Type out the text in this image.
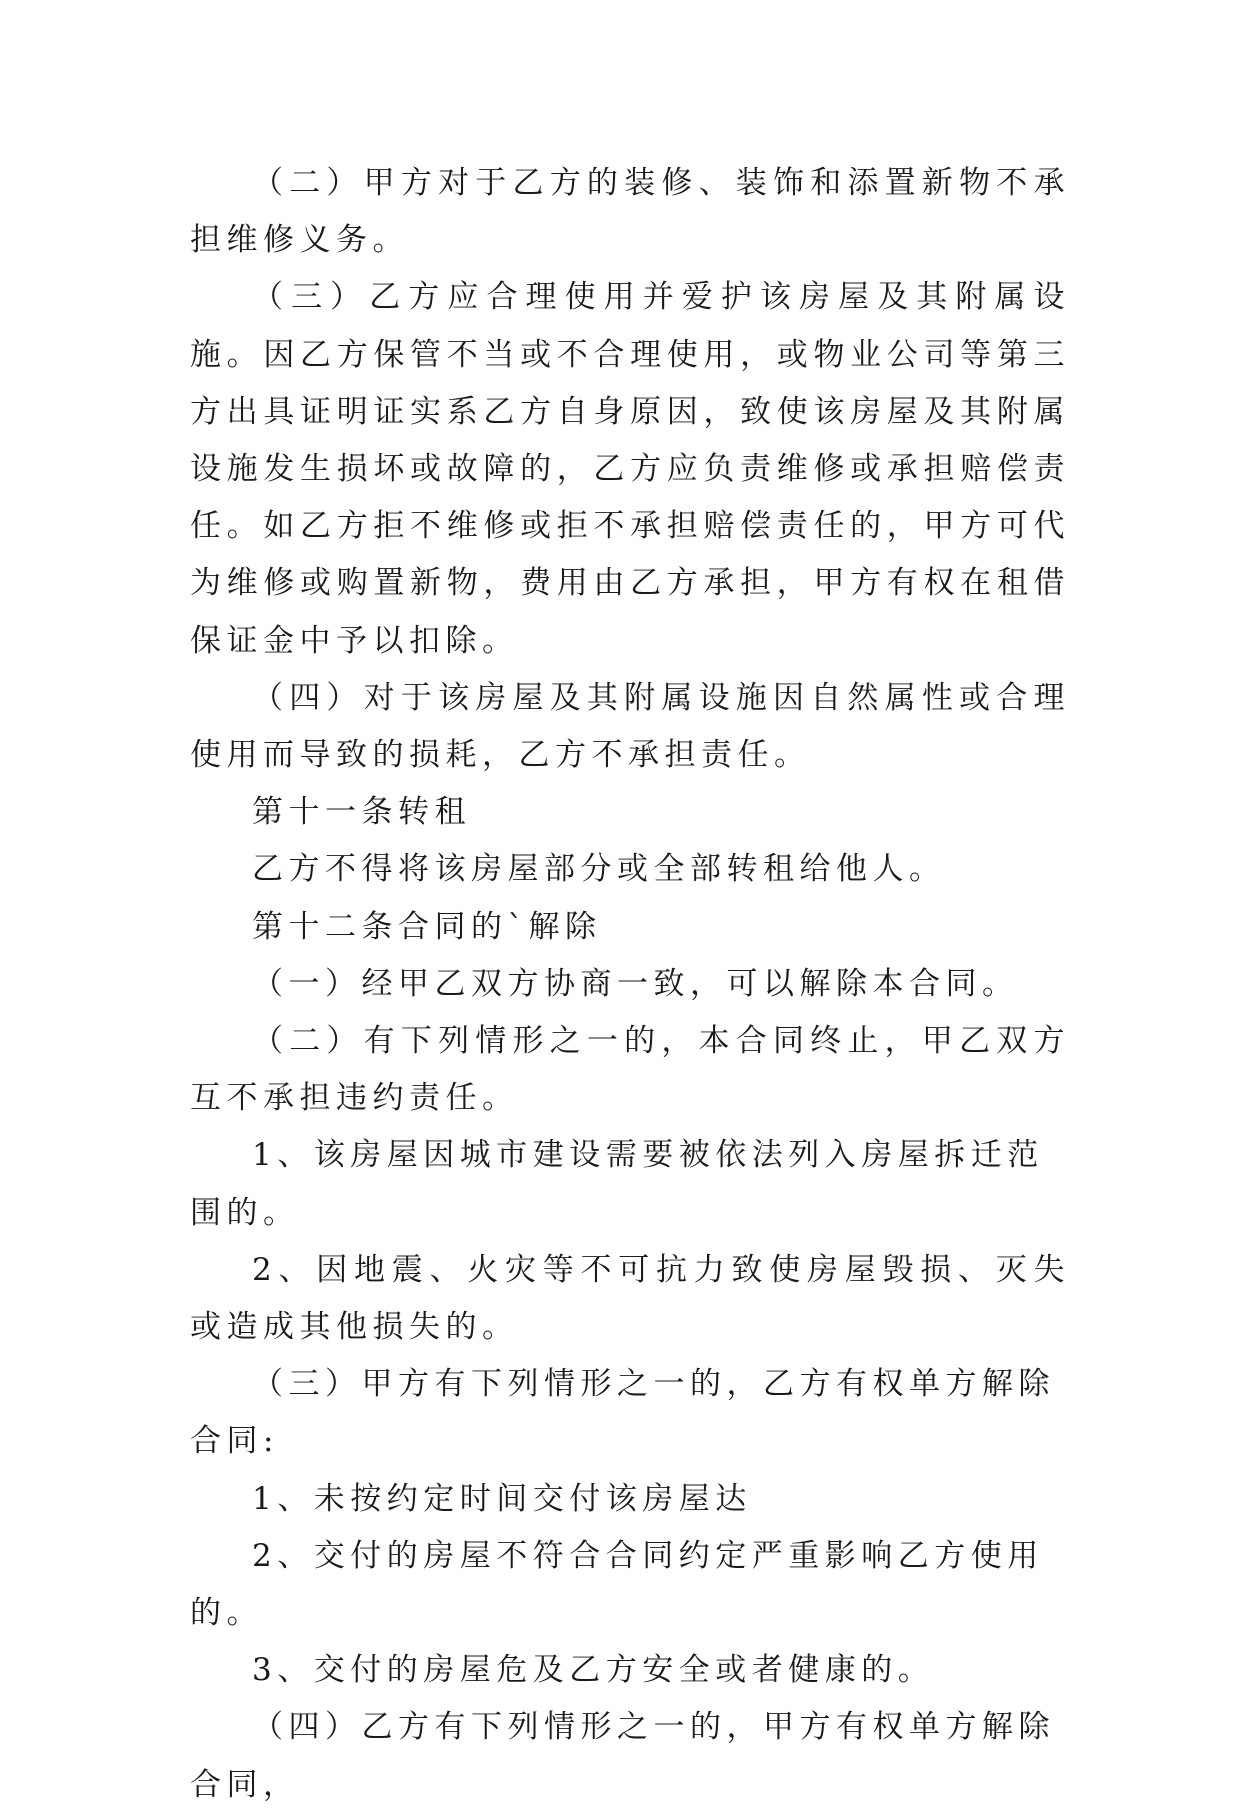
（二）甲方对于乙方的装修、装饰和添置新物不承担维修义务。

（三）乙方应合理使用并爱护该房屋及其附属设施。因乙方保管不当或不合理使用，或物业公司等第三方出具证明证实系乙方自身原因，致使该房屋及其附属设施发生损坏或故障的，乙方应负责维修或承担赔偿责任。如乙方拒不维修或拒不承担赔偿责任的，甲方可代为维修或购置新物，费用由乙方承担，甲方有权在租借保证金中予以扣除。

（四）对于该房屋及其附属设施因自然属性或合理使用而导致的损耗，乙方不承担责任。

第十一条转租

乙方不得将该房屋部分或全部转租给他人。

第十二条合同的`解除

（一）经甲乙双方协商一致，可以解除本合同。

（二）有下列情形之一的，本合同终止，甲乙双方互不承担违约责任。

1、该房屋因城市建设需要被依法列入房屋拆迁范围的。

2、因地震、火灾等不可抗力致使房屋毁损、灭失或造成其他损失的。

（三）甲方有下列情形之一的，乙方有权单方解除合同:

1、未按约定时间交付该房屋达

2、交付的房屋不符合合同约定严重影响乙方使用的。

3、交付的房屋危及乙方安全或者健康的。

（四）乙方有下列情形之一的，甲方有权单方解除合同，
